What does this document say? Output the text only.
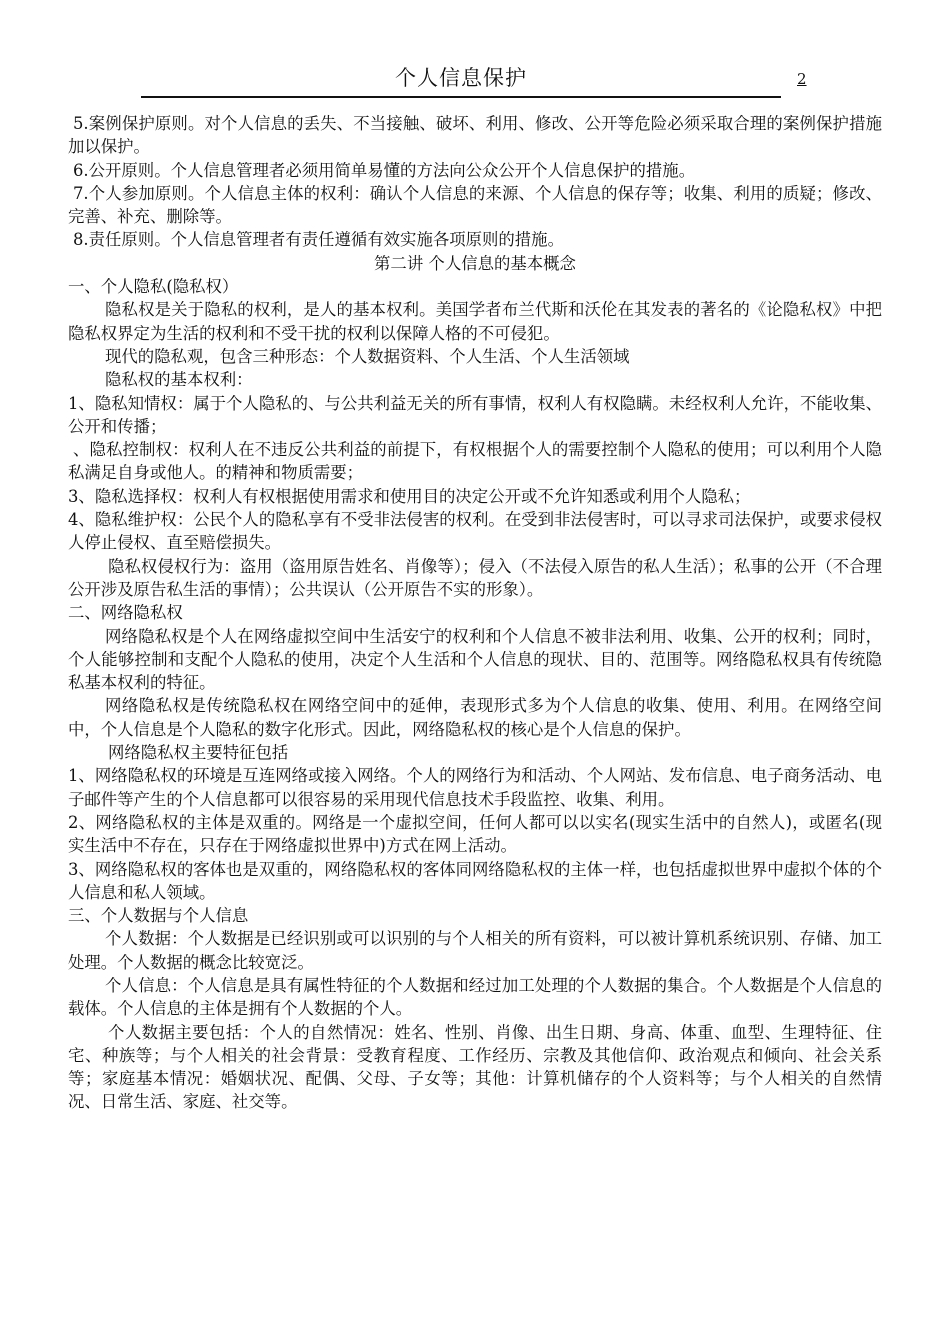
个人信息保护	2

5.案例保护原则。对个人信息的丢失、不当接触、破坏、利用、修改、公开等危险必须采取合理的案例保护措施加以保护。

6.公开原则。个人信息管理者必须用简单易懂的方法向公众公开个人信息保护的措施。

7.个人参加原则。个人信息主体的权利：确认个人信息的来源、个人信息的保存等；收集、利用的质疑；修改、完善、补充、删除等。

8.责任原则。个人信息管理者有责任遵循有效实施各项原则的措施。

第二讲 个人信息的基本概念

一、个人隐私(隐私权）

隐私权是关于隐私的权利，是人的基本权利。美国学者布兰代斯和沃伦在其发表的著名的《论隐私权》中把隐私权界定为生活的权利和不受干扰的权利以保障人格的不可侵犯。

现代的隐私观，包含三种形态：个人数据资料、个人生活、个人生活领域

隐私权的基本权利：

1、隐私知情权：属于个人隐私的、与公共利益无关的所有事情，权利人有权隐瞒。未经权利人允许，不能收集、公开和传播；

、隐私控制权：权利人在不违反公共利益的前提下，有权根据个人的需要控制个人隐私的使用；可以利用个人隐私满足自身或他人。的精神和物质需要；

3、隐私选择权：权利人有权根据使用需求和使用目的决定公开或不允许知悉或利用个人隐私；

4、隐私维护权：公民个人的隐私享有不受非法侵害的权利。在受到非法侵害时，可以寻求司法保护，或要求侵权人停止侵权、直至赔偿损失。

隐私权侵权行为：盗用（盗用原告姓名、肖像等）；侵入（不法侵入原告的私人生活）；私事的公开（不合理公开涉及原告私生活的事情）；公共误认（公开原告不实的形象）。

二、网络隐私权

网络隐私权是个人在网络虚拟空间中生活安宁的权利和个人信息不被非法利用、收集、公开的权利；同时，个人能够控制和支配个人隐私的使用，决定个人生活和个人信息的现状、目的、范围等。网络隐私权具有传统隐私基本权利的特征。

网络隐私权是传统隐私权在网络空间中的延伸，表现形式多为个人信息的收集、使用、利用。在网络空间中，个人信息是个人隐私的数字化形式。因此，网络隐私权的核心是个人信息的保护。

网络隐私权主要特征包括

1、网络隐私权的环境是互连网络或接入网络。个人的网络行为和活动、个人网站、发布信息、电子商务活动、电子邮件等产生的个人信息都可以很容易的采用现代信息技术手段监控、收集、利用。

2、网络隐私权的主体是双重的。网络是一个虚拟空间，任何人都可以以实名(现实生活中的自然人)，或匿名(现实生活中不存在，只存在于网络虚拟世界中)方式在网上活动。

3、网络隐私权的客体也是双重的，网络隐私权的客体同网络隐私权的主体一样，也包括虚拟世界中虚拟个体的个人信息和私人领域。

三、个人数据与个人信息

个人数据：个人数据是已经识别或可以识别的与个人相关的所有资料，可以被计算机系统识别、存储、加工处理。个人数据的概念比较宽泛。

个人信息：个人信息是具有属性特征的个人数据和经过加工处理的个人数据的集合。个人数据是个人信息的载体。个人信息的主体是拥有个人数据的个人。

个人数据主要包括：个人的自然情况：姓名、性别、肖像、出生日期、身高、体重、血型、生理特征、住宅、种族等；与个人相关的社会背景：受教育程度、工作经历、宗教及其他信仰、政治观点和倾向、社会关系等；家庭基本情况：婚姻状况、配偶、父母、子女等；其他：计算机储存的个人资料等；与个人相关的自然情况、日常生活、家庭、社交等。
